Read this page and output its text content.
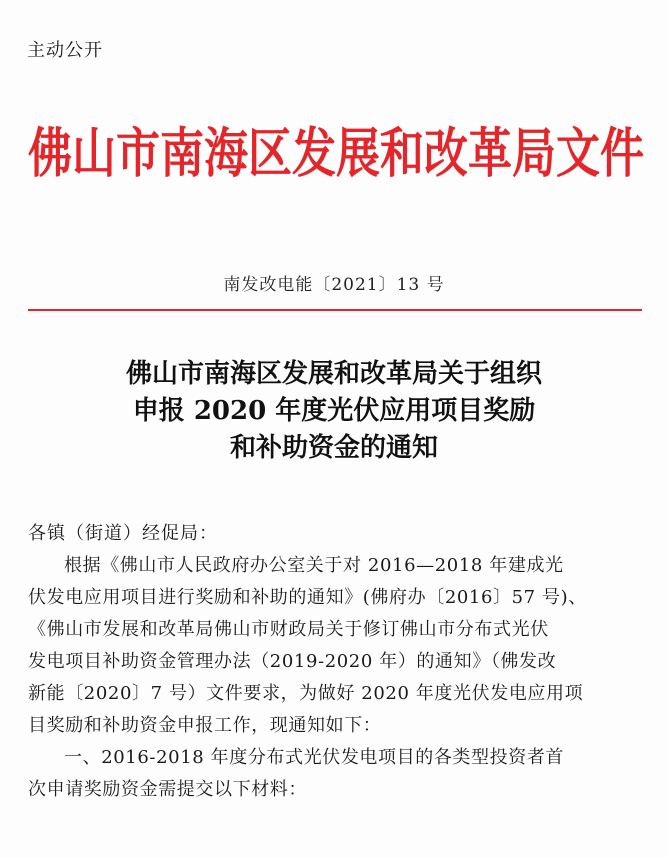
主动公开
佛山市南海区发展和改革局文件
南发改电能〔2021〕13 号
佛山市南海区发展和改革局关于组织
申报 2020 年度光伏应用项目奖励
和补助资金的通知

各镇（街道）经促局：

根据《佛山市人民政府办公室关于对 2016—2018 年建成光
伏发电应用项目进行奖励和补助的通知》(佛府办〔2016〕57 号)、
《佛山市发展和改革局佛山市财政局关于修订佛山市分布式光伏
发电项目补助资金管理办法（2019-2020 年）的通知》（佛发改
新能〔2020〕7 号）文件要求，为做好 2020 年度光伏发电应用项
目奖励和补助资金申报工作，现通知如下：

一、2016-2018 年度分布式光伏发电项目的各类型投资者首
次申请奖励资金需提交以下材料：
